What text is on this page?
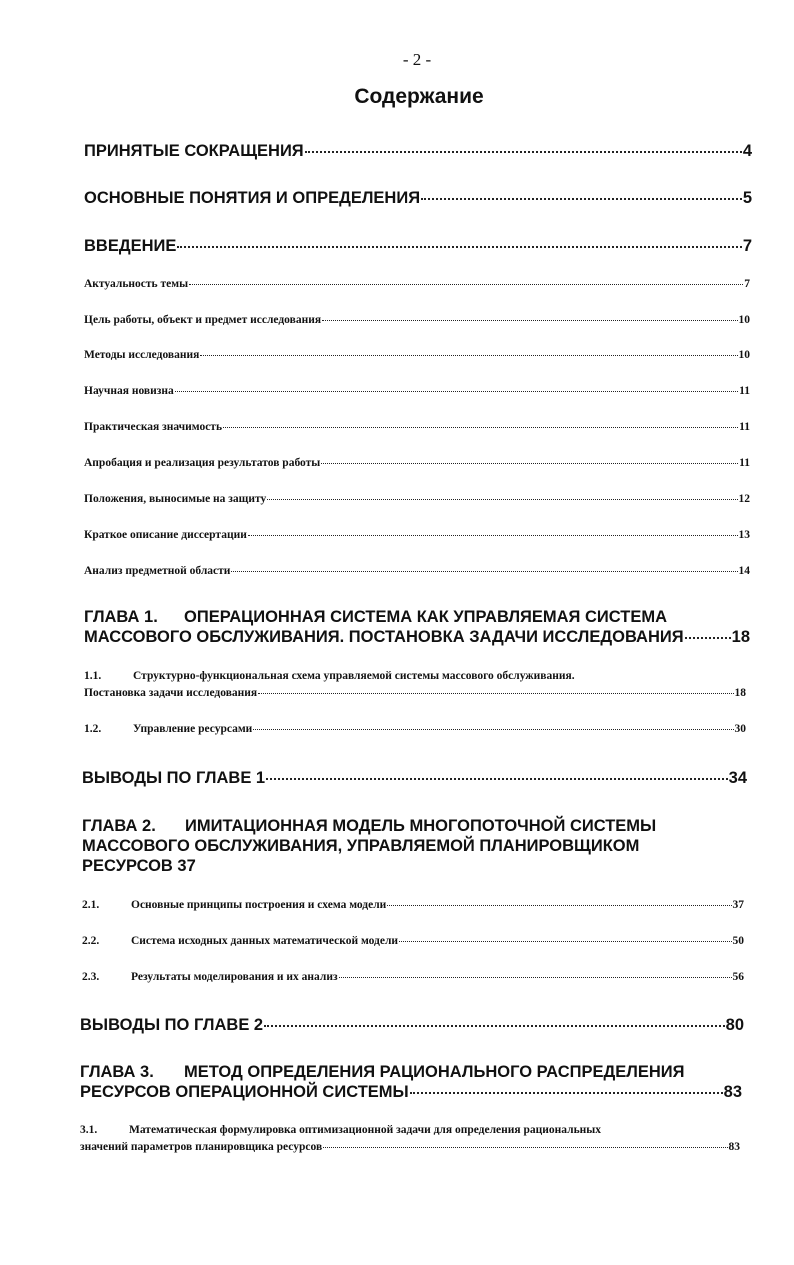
- 2 -
Содержание
ПРИНЯТЫЕ СОКРАЩЕНИЯ	4
ОСНОВНЫЕ ПОНЯТИЯ И ОПРЕДЕЛЕНИЯ	5
ВВЕДЕНИЕ	7
Актуальность темы	7
Цель работы, объект и предмет исследования	10
Методы исследования	10
Научная новизна	11
Практическая значимость	11
Апробация и реализация результатов работы	11
Положения, выносимые на защиту	12
Краткое описание диссертации	13
Анализ предметной области	14
ГЛАВА 1. ОПЕРАЦИОННАЯ СИСТЕМА КАК УПРАВЛЯЕМАЯ СИСТЕМА
МАССОВОГО ОБСЛУЖИВАНИЯ. ПОСТАНОВКА ЗАДАЧИ ИССЛЕДОВАНИЯ	18
1.1.	Структурно-функциональная схема управляемой системы массового обслуживания.
Постановка задачи исследования	18
1.2.	Управление ресурсами	30
ВЫВОДЫ ПО ГЛАВЕ 1	34
ГЛАВА 2. ИМИТАЦИОННАЯ МОДЕЛЬ МНОГОПОТОЧНОЙ СИСТЕМЫ
МАССОВОГО ОБСЛУЖИВАНИЯ, УПРАВЛЯЕМОЙ ПЛАНИРОВЩИКОМ
РЕСУРСОВ 37
2.1.	Основные принципы построения и схема модели	37
2.2.	Система исходных данных математической модели	50
2.3.	Результаты моделирования и их анализ	56
ВЫВОДЫ ПО ГЛАВЕ 2	80
ГЛАВА 3. МЕТОД ОПРЕДЕЛЕНИЯ РАЦИОНАЛЬНОГО РАСПРЕДЕЛЕНИЯ
РЕСУРСОВ ОПЕРАЦИОННОЙ СИСТЕМЫ	83
3.1.	Математическая формулировка оптимизационной задачи для определения рациональных
значений параметров планировщика ресурсов	83
